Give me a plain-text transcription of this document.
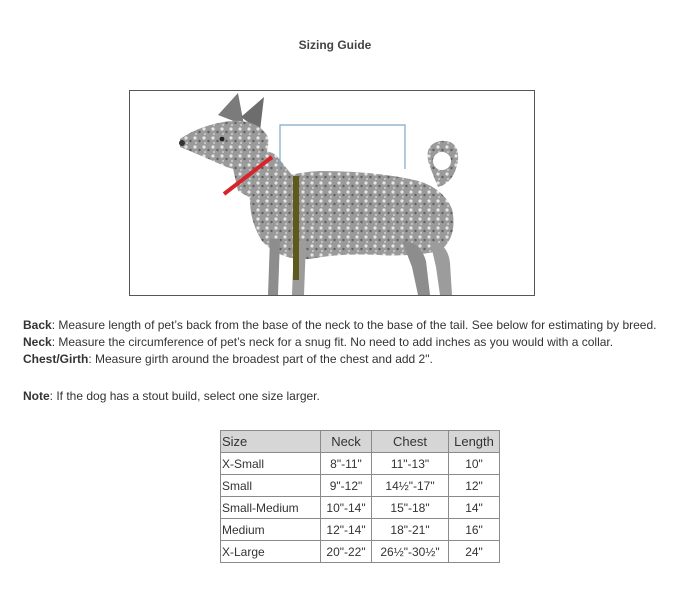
Sizing Guide
Back: Measure length of pet’s back from the base of the neck to the base of the tail. See below for estimating by breed.
Neck: Measure the circumference of pet’s neck for a snug fit. No need to add inches as you would with a collar.
Chest/Girth: Measure girth around the broadest part of the chest and add 2".
Note: If the dog has a stout build, select one size larger.
Size	Neck	Chest	Length
X-Small	8"-11"	11"-13"	10"
Small	9"-12"	14½"-17"	12"
Small-Medium	10"-14"	15"-18"	14"
Medium	12"-14"	18"-21"	16"
X-Large	20"-22"	26½"-30½"	24"
